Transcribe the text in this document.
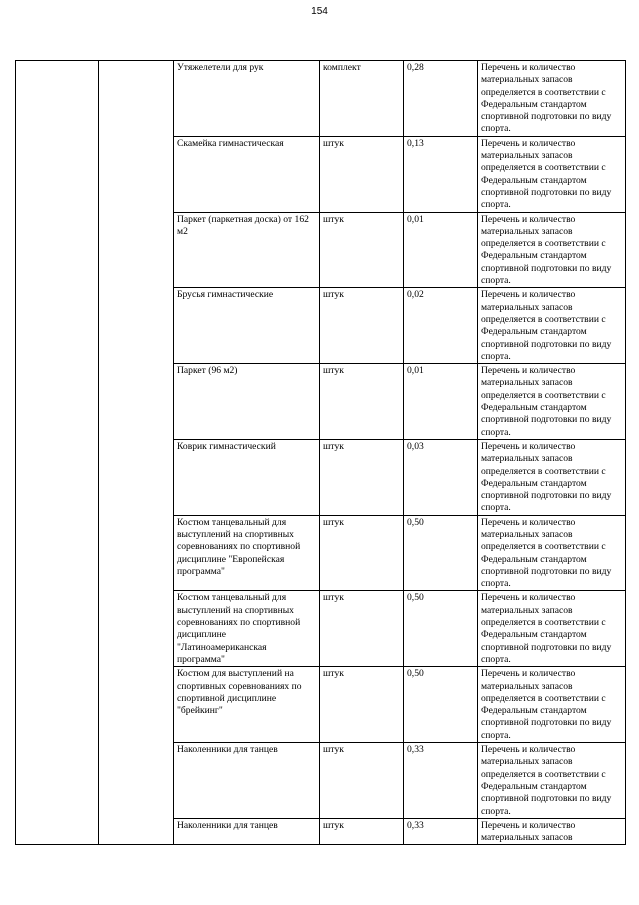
154
		Утяжелетели для рук	комплект	0,28	Перечень и количество материальных запасов определяется в соответствии с Федеральным стандартом спортивной подготовки по виду спорта.
		Скамейка гимнастическая	штук	0,13	Перечень и количество материальных запасов определяется в соответствии с Федеральным стандартом спортивной подготовки по виду спорта.
		Паркет (паркетная доска) от 162 м2	штук	0,01	Перечень и количество материальных запасов определяется в соответствии с Федеральным стандартом спортивной подготовки по виду спорта.
		Брусья гимнастические	штук	0,02	Перечень и количество материальных запасов определяется в соответствии с Федеральным стандартом спортивной подготовки по виду спорта.
		Паркет (96 м2)	штук	0,01	Перечень и количество материальных запасов определяется в соответствии с Федеральным стандартом спортивной подготовки по виду спорта.
		Коврик гимнастический	штук	0,03	Перечень и количество материальных запасов определяется в соответствии с Федеральным стандартом спортивной подготовки по виду спорта.
		Костюм танцевальный для выступлений на спортивных соревнованиях по спортивной дисциплине "Европейская программа"	штук	0,50	Перечень и количество материальных запасов определяется в соответствии с Федеральным стандартом спортивной подготовки по виду спорта.
		Костюм танцевальный для выступлений на спортивных соревнованиях по спортивной дисциплине "Латиноамериканская программа"	штук	0,50	Перечень и количество материальных запасов определяется в соответствии с Федеральным стандартом спортивной подготовки по виду спорта.
		Костюм для выступлений на спортивных соревнованиях по спортивной дисциплине "брейкинг"	штук	0,50	Перечень и количество материальных запасов определяется в соответствии с Федеральным стандартом спортивной подготовки по виду спорта.
		Наколенники для танцев	штук	0,33	Перечень и количество материальных запасов определяется в соответствии с Федеральным стандартом спортивной подготовки по виду спорта.
		Наколенники для танцев	штук	0,33	Перечень и количество материальных запасов
